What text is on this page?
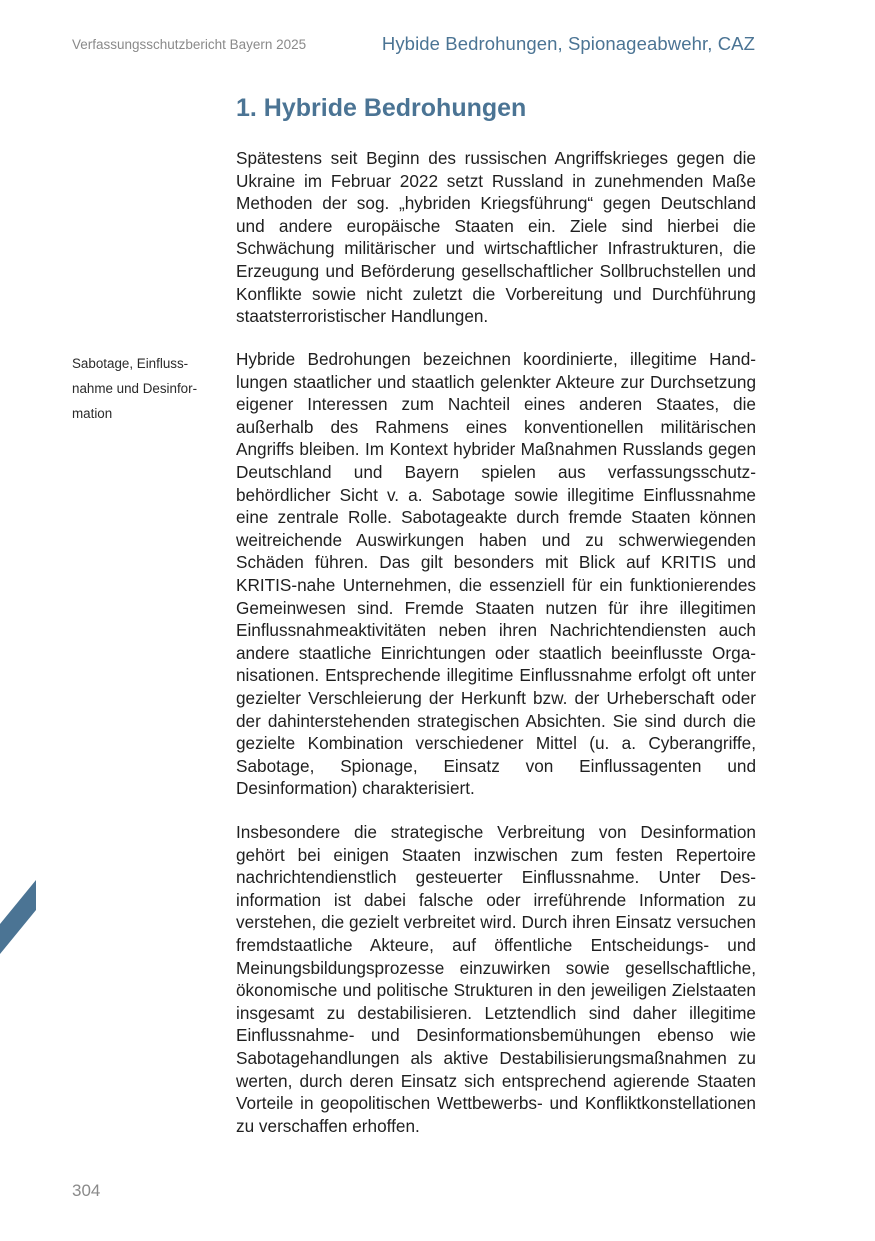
Verfassungsschutzbericht Bayern 2025	Hybide Bedrohungen, Spionageabwehr, CAZ
1. Hybride Bedrohungen

Sabotage, Einflussnahme und Desinformation

Spätestens seit Beginn des russischen Angriffskrieges gegen die Ukraine im Februar 2022 setzt Russland in zunehmenden Maße Methoden der sog. „hybriden Kriegsführung“ gegen Deutschland und andere europäische Staaten ein. Ziele sind hierbei die Schwächung militärischer und wirtschaftlicher Infrastrukturen, die Erzeugung und Beförderung gesellschaftlicher Sollbruchstellen und Konflikte sowie nicht zuletzt die Vorbereitung und Durchführung staatsterroristischer Handlungen.

Hybride Bedrohungen bezeichnen koordinierte, illegitime Handlungen staatlicher und staatlich gelenkter Akteure zur Durchsetzung eigener Interessen zum Nachteil eines anderen Staates, die außerhalb des Rahmens eines konventionellen militärischen Angriffs bleiben. Im Kontext hybrider Maßnahmen Russlands gegen Deutschland und Bayern spielen aus verfassungsschutzbehördlicher Sicht v. a. Sabotage sowie illegitime Einflussnahme eine zentrale Rolle. Sabotageakte durch fremde Staaten können weitreichende Auswirkungen haben und zu schwerwiegenden Schäden führen. Das gilt besonders mit Blick auf KRITIS und KRITIS-nahe Unternehmen, die essenziell für ein funktionierendes Gemeinwesen sind. Fremde Staaten nutzen für ihre illegitimen Einflussnahmeaktivitäten neben ihren Nachrichtendiensten auch andere staatliche Einrichtungen oder staatlich beeinflusste Organisationen. Entsprechende illegitime Einflussnahme erfolgt oft unter gezielter Verschleierung der Herkunft bzw. der Urheberschaft oder der dahinterstehenden strategischen Absichten. Sie sind durch die gezielte Kombination verschiedener Mittel (u. a. Cyberangriffe, Sabotage, Spionage, Einsatz von Einflussagenten und Desinformation) charakterisiert.

Insbesondere die strategische Verbreitung von Desinformation gehört bei einigen Staaten inzwischen zum festen Repertoire nachrichtendienstlich gesteuerter Einflussnahme. Unter Desinformation ist dabei falsche oder irreführende Information zu verstehen, die gezielt verbreitet wird. Durch ihren Einsatz versuchen fremdstaatliche Akteure, auf öffentliche Entscheidungs- und Meinungsbildungsprozesse einzuwirken sowie gesellschaftliche, ökonomische und politische Strukturen in den jeweiligen Zielstaaten insgesamt zu destabilisieren. Letztendlich sind daher illegitime Einflussnahme- und Desinformationsbemühungen ebenso wie Sabotagehandlungen als aktive Destabilisierungsmaßnahmen zu werten, durch deren Einsatz sich entsprechend agierende Staaten Vorteile in geopolitischen Wettbewerbs- und Konfliktkonstellationen zu verschaffen erhoffen.

304
